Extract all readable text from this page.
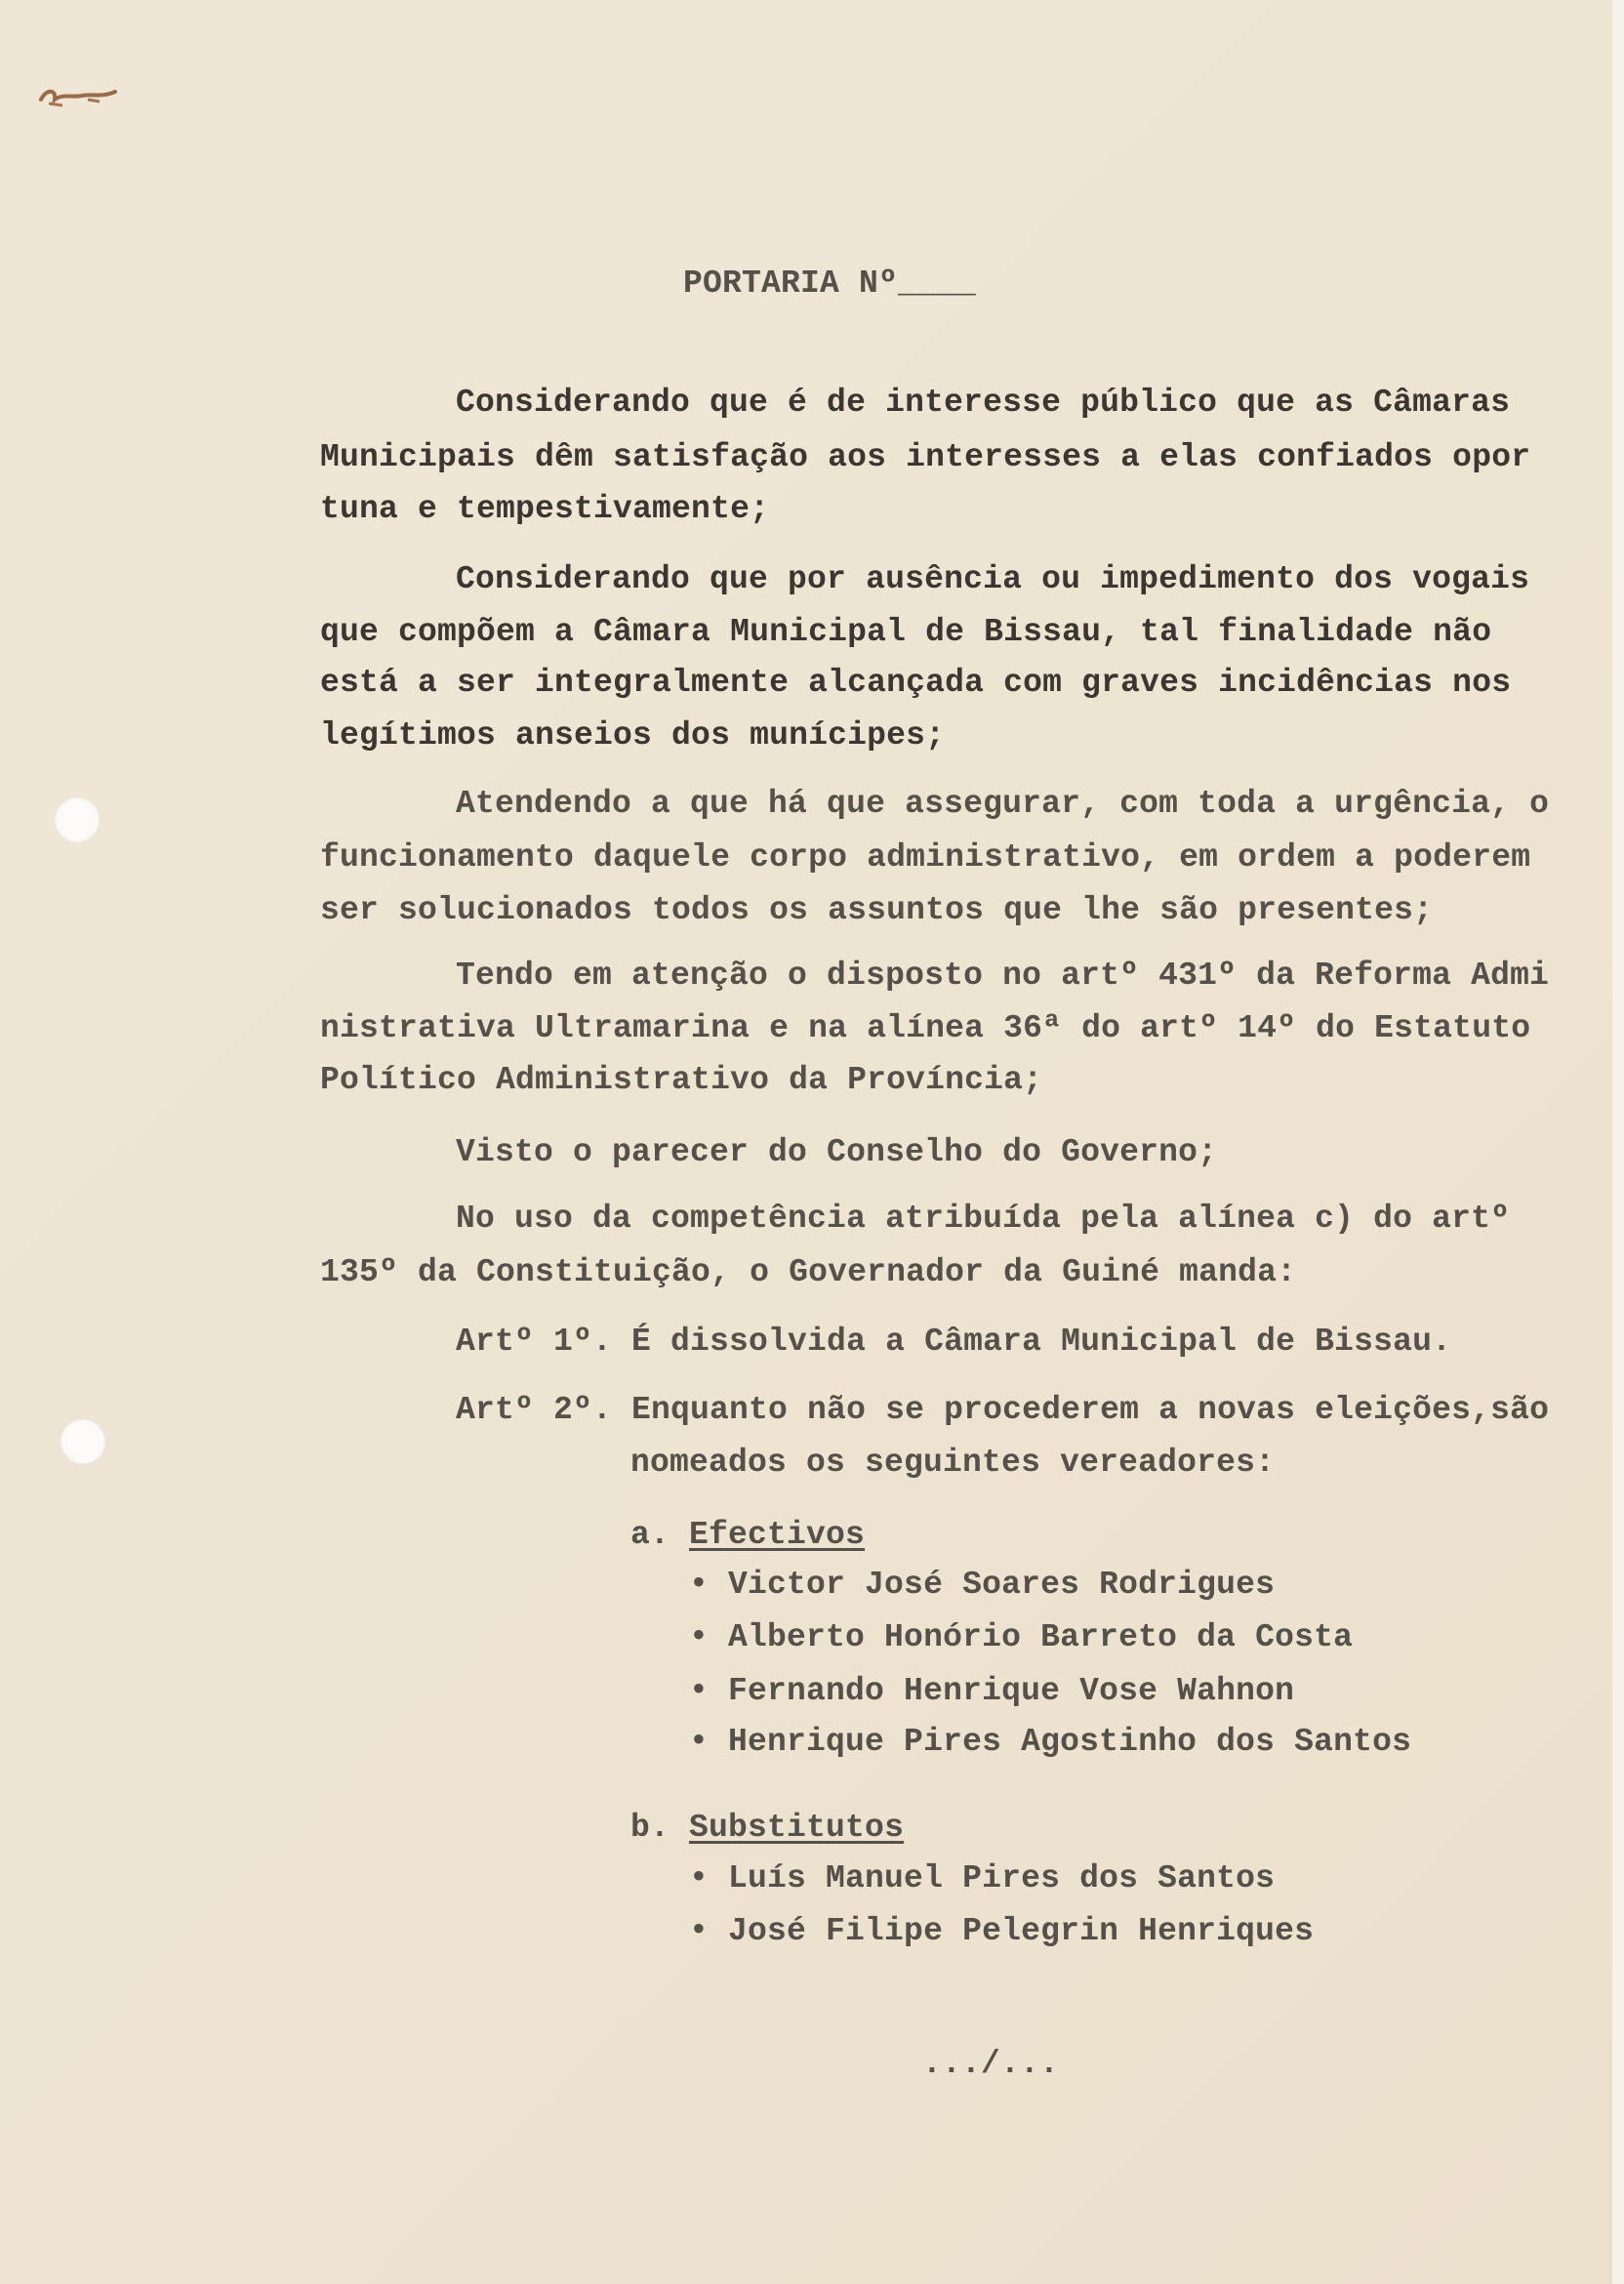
PORTARIA Nº____
Considerando que é de interesse público que as Câmaras
Municipais dêm satisfação aos interesses a elas confiados opor
tuna e tempestivamente;
Considerando que por ausência ou impedimento dos vogais
que compõem a Câmara Municipal de Bissau, tal finalidade não
está a ser integralmente alcançada com graves incidências nos
legítimos anseios dos munícipes;
Atendendo a que há que assegurar, com toda a urgência, o
funcionamento daquele corpo administrativo, em ordem a poderem
ser solucionados todos os assuntos que lhe são presentes;
Tendo em atenção o disposto no artº 431º da Reforma Admi
nistrativa Ultramarina e na alínea 36ª do artº 14º do Estatuto
Político Administrativo da Província;
Visto o parecer do Conselho do Governo;
No uso da competência atribuída pela alínea c) do artº
135º da Constituição, o Governador da Guiné manda:
Artº 1º. É dissolvida a Câmara Municipal de Bissau.
Artº 2º. Enquanto não se procederem a novas eleições,são
nomeados os seguintes vereadores:
a. Efectivos
• Victor José Soares Rodrigues
• Alberto Honório Barreto da Costa
• Fernando Henrique Vose Wahnon
• Henrique Pires Agostinho dos Santos
b. Substitutos
• Luís Manuel Pires dos Santos
• José Filipe Pelegrin Henriques
.../...
